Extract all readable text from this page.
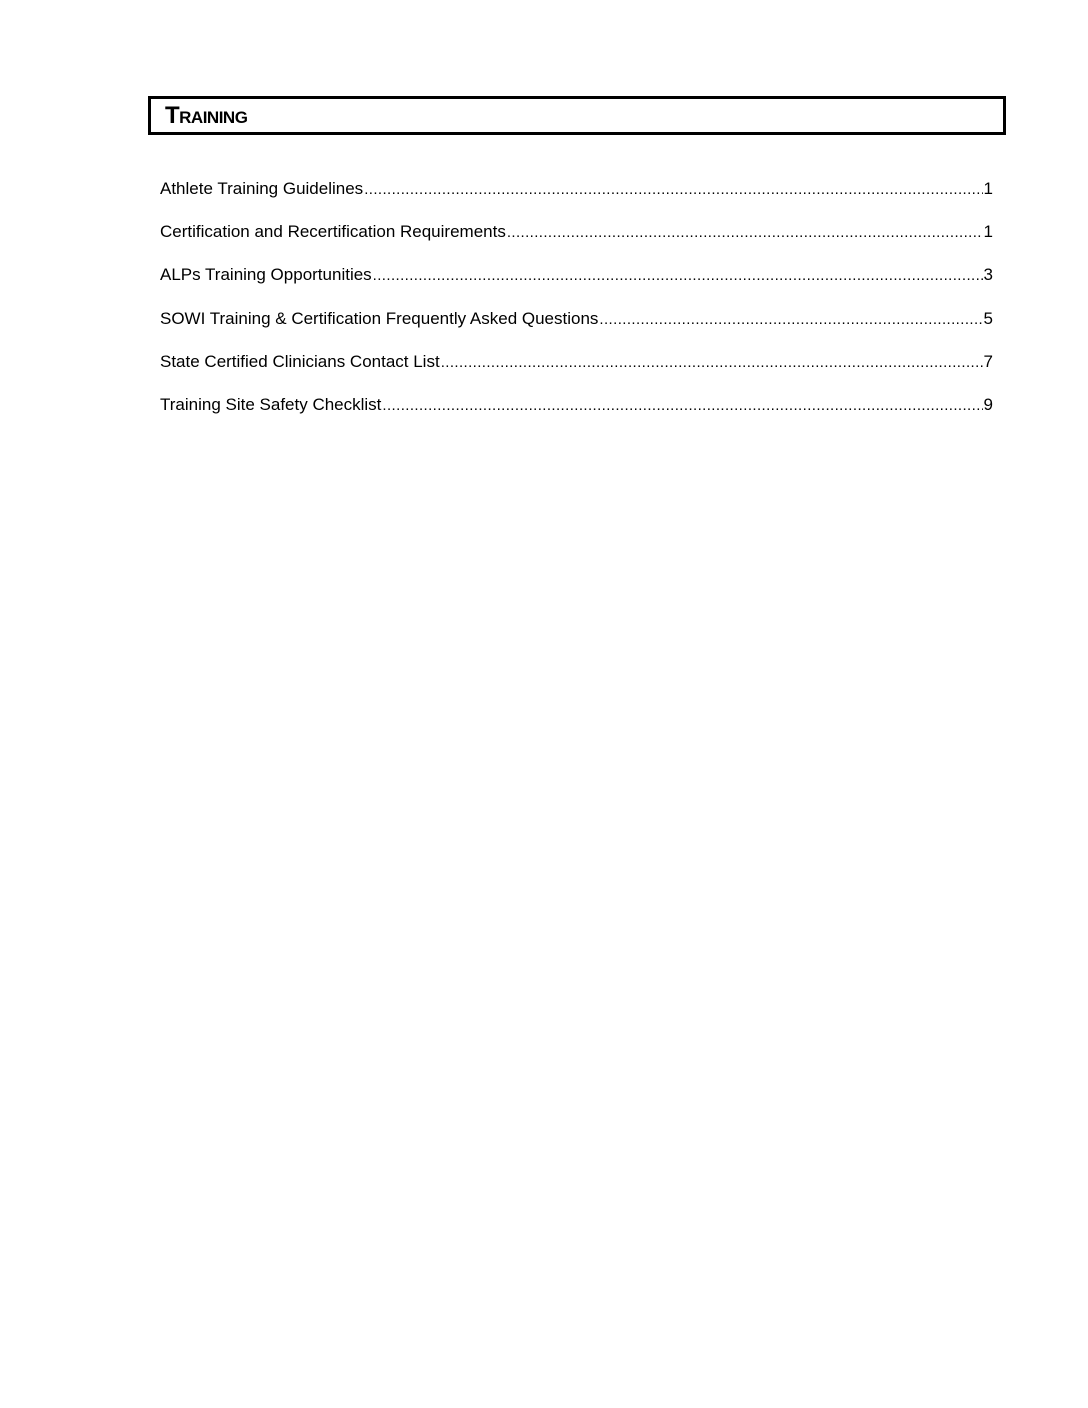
Training
Athlete Training Guidelines .....	1
Certification and Recertification Requirements .....	1
ALPs Training Opportunities .....	3
SOWI Training & Certification Frequently Asked Questions .....	5
State Certified Clinicians Contact List .....	7
Training Site Safety Checklist .....	9
